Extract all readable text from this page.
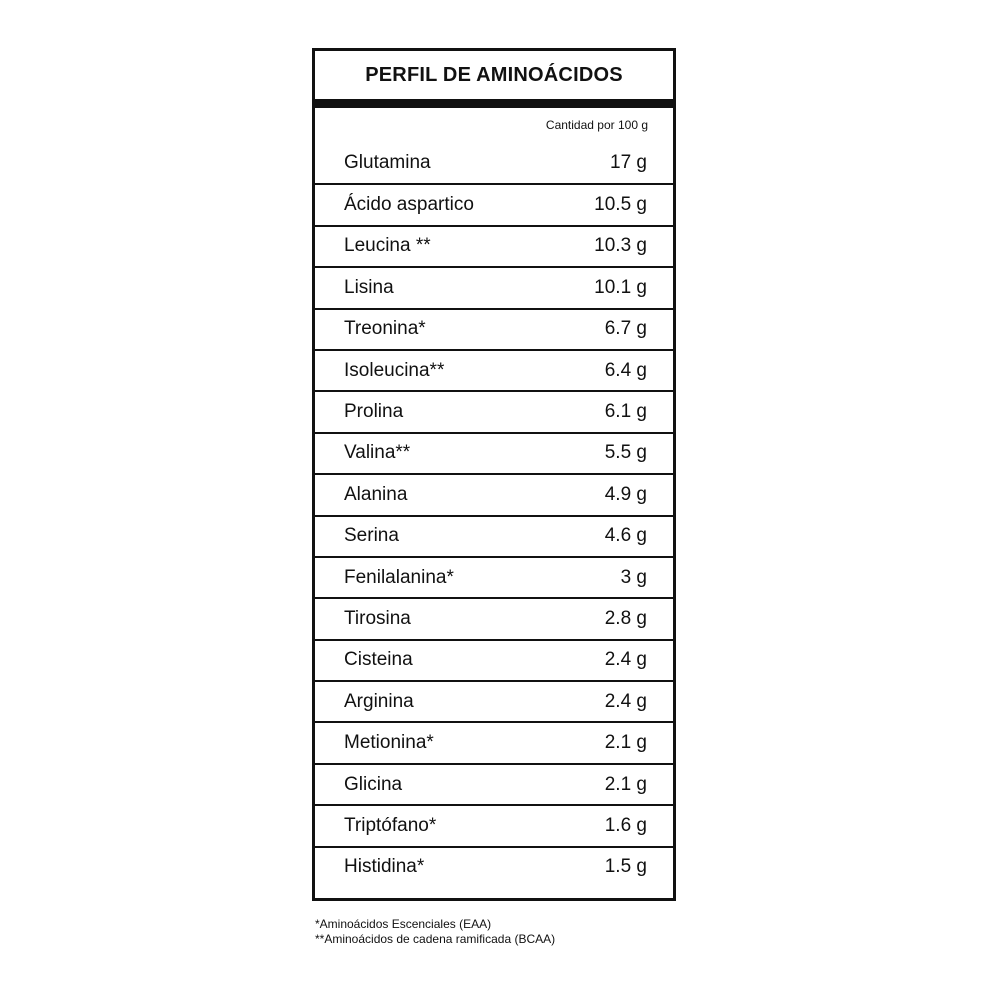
PERFIL DE AMINOÁCIDOS
Cantidad por 100 g
Glutamina	17 g
Ácido aspartico	10.5 g
Leucina **	10.3 g
Lisina	10.1 g
Treonina*	6.7 g
Isoleucina**	6.4 g
Prolina	6.1 g
Valina**	5.5 g
Alanina	4.9 g
Serina	4.6 g
Fenilalanina*	3 g
Tirosina	2.8 g
Cisteina	2.4 g
Arginina	2.4 g
Metionina*	2.1 g
Glicina	2.1 g
Triptófano*	1.6 g
Histidina*	1.5 g
*Aminoácidos Escenciales (EAA)
**Aminoácidos de cadena ramificada (BCAA)
